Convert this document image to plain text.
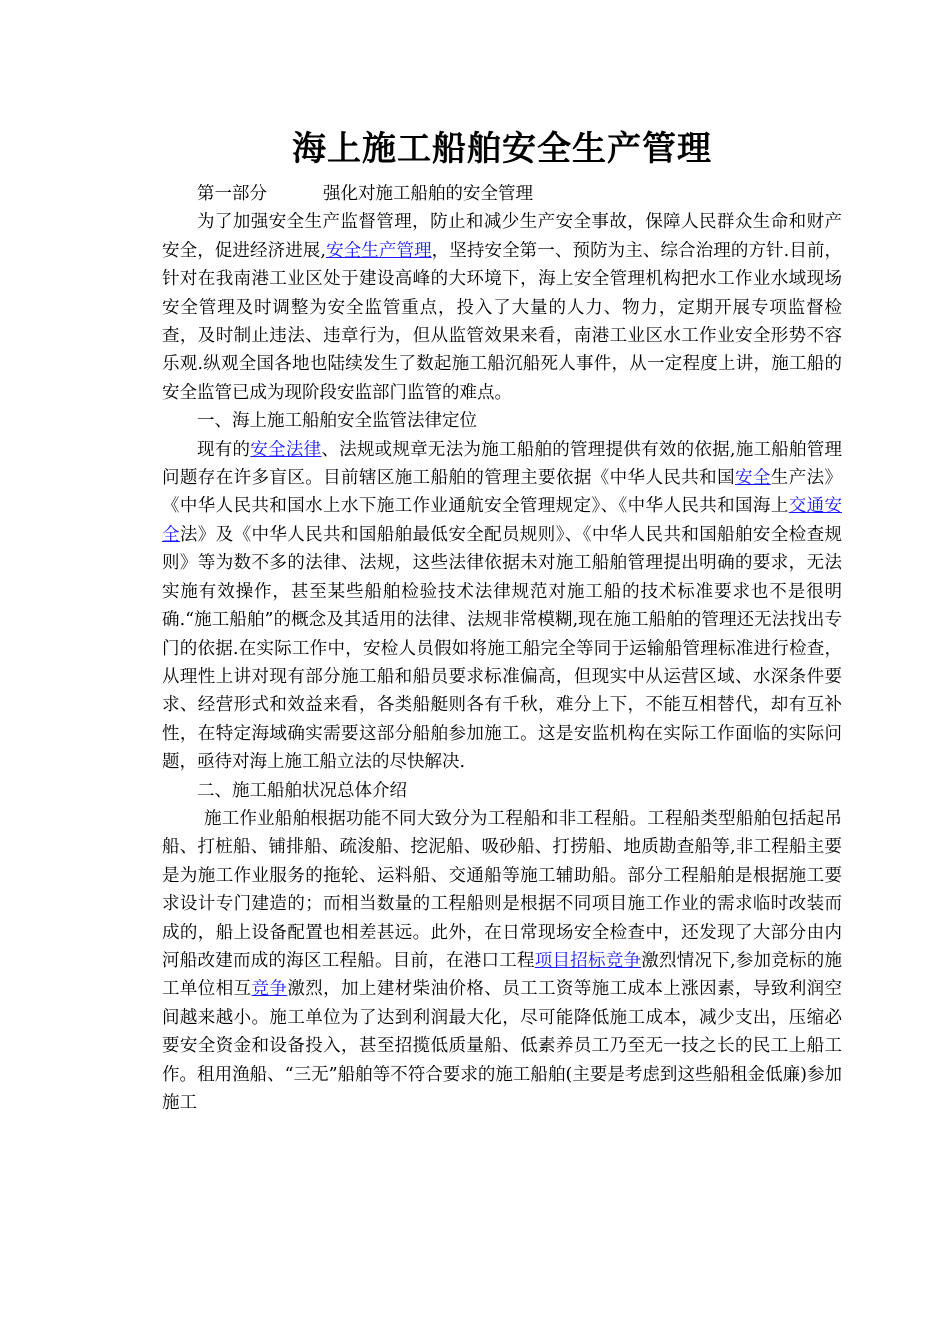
海上施工船舶安全生产管理

第一部分	强化对施工船舶的安全管理

为了加强安全生产监督管理，防止和减少生产安全事故，保障人民群众生命和财产安全，促进经济进展,安全生产管理，坚持安全第一、预防为主、综合治理的方针.目前，针对在我南港工业区处于建设高峰的大环境下，海上安全管理机构把水工作业水域现场安全管理及时调整为安全监管重点，投入了大量的人力、物力，定期开展专项监督检查，及时制止违法、违章行为，但从监管效果来看，南港工业区水工作业安全形势不容乐观.纵观全国各地也陆续发生了数起施工船沉船死人事件，从一定程度上讲，施工船的安全监管已成为现阶段安监部门监管的难点。

一、海上施工船舶安全监管法律定位

现有的安全法律、法规或规章无法为施工船舶的管理提供有效的依据,施工船舶管理问题存在许多盲区。目前辖区施工船舶的管理主要依据《中华人民共和国安全生产法》《中华人民共和国水上水下施工作业通航安全管理规定》、《中华人民共和国海上交通安全法》及《中华人民共和国船舶最低安全配员规则》、《中华人民共和国船舶安全检查规则》等为数不多的法律、法规，这些法律依据未对施工船舶管理提出明确的要求，无法实施有效操作，甚至某些船舶检验技术法律规范对施工船的技术标准要求也不是很明确.“施工船舶”的概念及其适用的法律、法规非常模糊,现在施工船舶的管理还无法找出专门的依据.在实际工作中，安检人员假如将施工船完全等同于运输船管理标准进行检查，从理性上讲对现有部分施工船和船员要求标准偏高，但现实中从运营区域、水深条件要求、经营形式和效益来看，各类船艇则各有千秋，难分上下，不能互相替代，却有互补性，在特定海域确实需要这部分船舶参加施工。这是安监机构在实际工作面临的实际问题，亟待对海上施工船立法的尽快解决.

二、施工船舶状况总体介绍

施工作业船舶根据功能不同大致分为工程船和非工程船。工程船类型船舶包括起吊船、打桩船、铺排船、疏浚船、挖泥船、吸砂船、打捞船、地质勘查船等,非工程船主要是为施工作业服务的拖轮、运料船、交通船等施工辅助船。部分工程船舶是根据施工要求设计专门建造的；而相当数量的工程船则是根据不同项目施工作业的需求临时改装而成的，船上设备配置也相差甚远。此外，在日常现场安全检查中，还发现了大部分由内河船改建而成的海区工程船。目前，在港口工程项目招标竞争激烈情况下,参加竞标的施工单位相互竞争激烈，加上建材柴油价格、员工工资等施工成本上涨因素，导致利润空间越来越小。施工单位为了达到利润最大化，尽可能降低施工成本，减少支出，压缩必要安全资金和设备投入，甚至招揽低质量船、低素养员工乃至无一技之长的民工上船工作。租用渔船、“三无”船舶等不符合要求的施工船舶(主要是考虑到这些船租金低廉)参加施工
